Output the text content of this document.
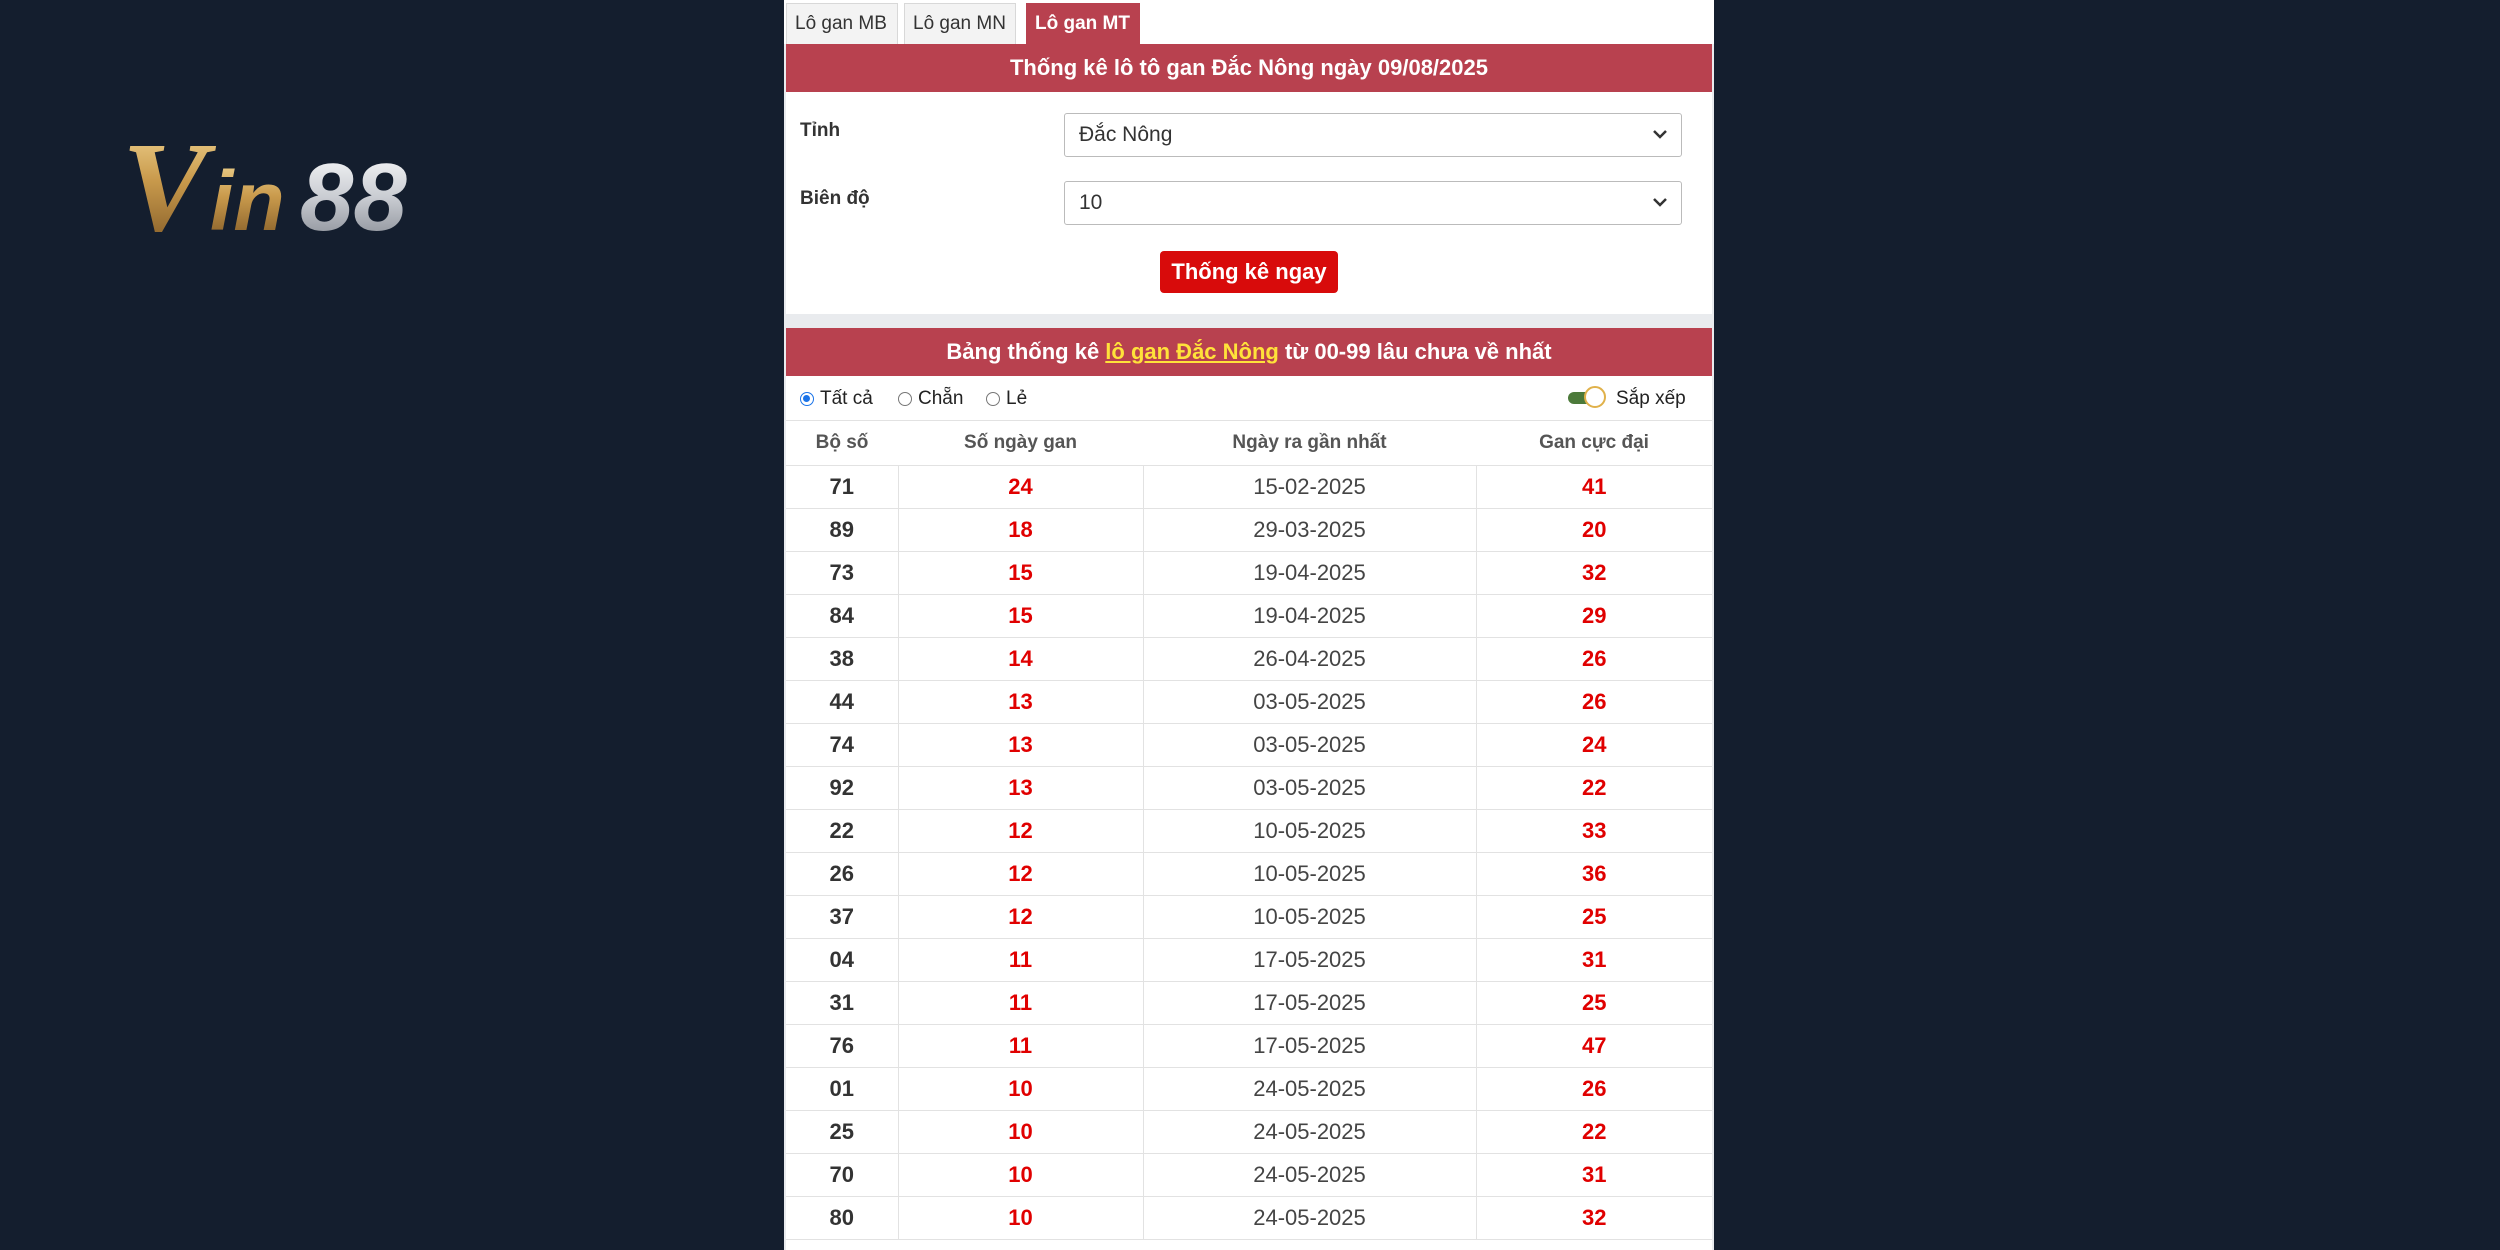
V in 88
Lô gan MB	Lô gan MN	Lô gan MT
Thống kê lô tô gan Đắc Nông ngày 09/08/2025
Tỉnh	Đắc Nông
Biên độ	10
Thống kê ngay
Bảng thống kê lô gan Đắc Nông từ 00-99 lâu chưa về nhất
Tất cả	Chẵn	Lẻ	Sắp xếp
Bộ số	Số ngày gan	Ngày ra gần nhất	Gan cực đại
71	24	15-02-2025	41
89	18	29-03-2025	20
73	15	19-04-2025	32
84	15	19-04-2025	29
38	14	26-04-2025	26
44	13	03-05-2025	26
74	13	03-05-2025	24
92	13	03-05-2025	22
22	12	10-05-2025	33
26	12	10-05-2025	36
37	12	10-05-2025	25
04	11	17-05-2025	31
31	11	17-05-2025	25
76	11	17-05-2025	47
01	10	24-05-2025	26
25	10	24-05-2025	22
70	10	24-05-2025	31
80	10	24-05-2025	32
